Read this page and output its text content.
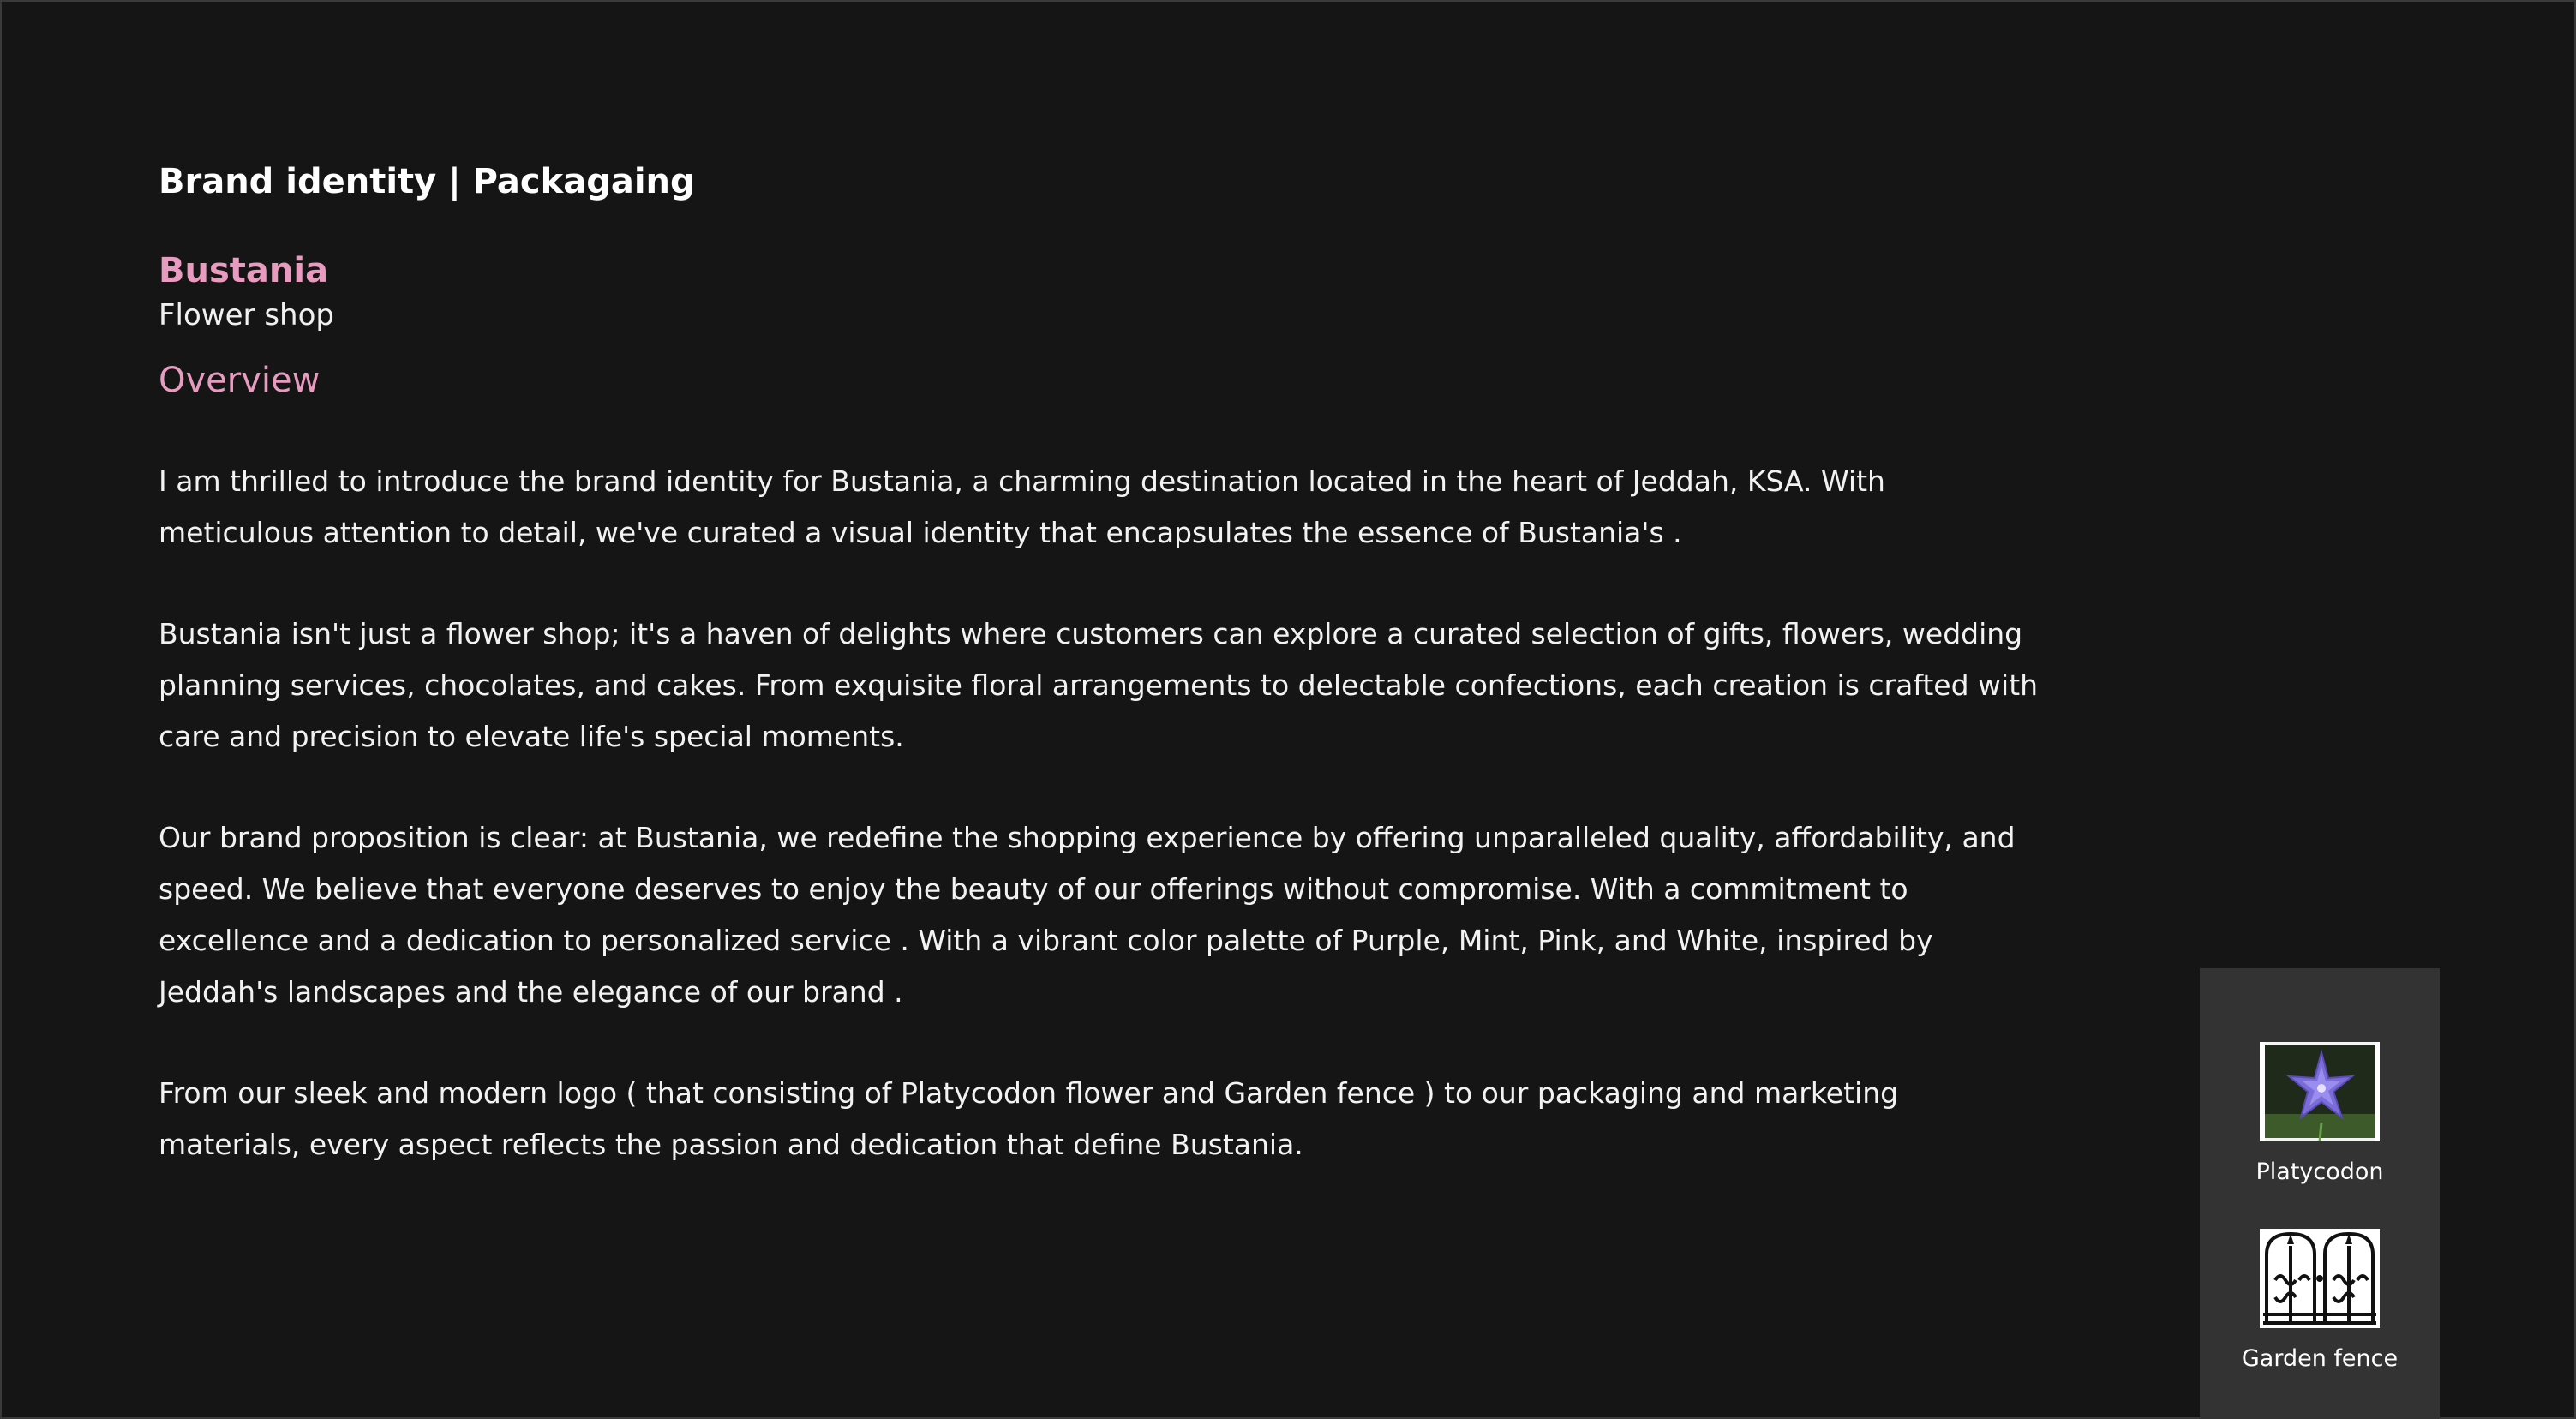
Brand identity | Packagaing
Bustania
Flower shop
Overview

I am thrilled to introduce the brand identity for Bustania, a charming destination located in the heart of Jeddah, KSA. With meticulous attention to detail, we've curated a visual identity that encapsulates the essence of Bustania's .

Bustania isn't just a flower shop; it's a haven of delights where customers can explore a curated selection of gifts, flowers, wedding planning services, chocolates, and cakes. From exquisite floral arrangements to delectable confections, each creation is crafted with care and precision to elevate life's special moments.

Our brand proposition is clear: at Bustania, we redefine the shopping experience by offering unparalleled quality, affordability, and speed. We believe that everyone deserves to enjoy the beauty of our offerings without compromise. With a commitment to excellence and a dedication to personalized service . With a vibrant color palette of Purple, Mint, Pink, and White, inspired by Jeddah's landscapes and the elegance of our brand .

From our sleek and modern logo ( that consisting of Platycodon flower and Garden fence ) to our packaging and marketing materials, every aspect reflects the passion and dedication that define Bustania.

Platycodon
Garden fence
